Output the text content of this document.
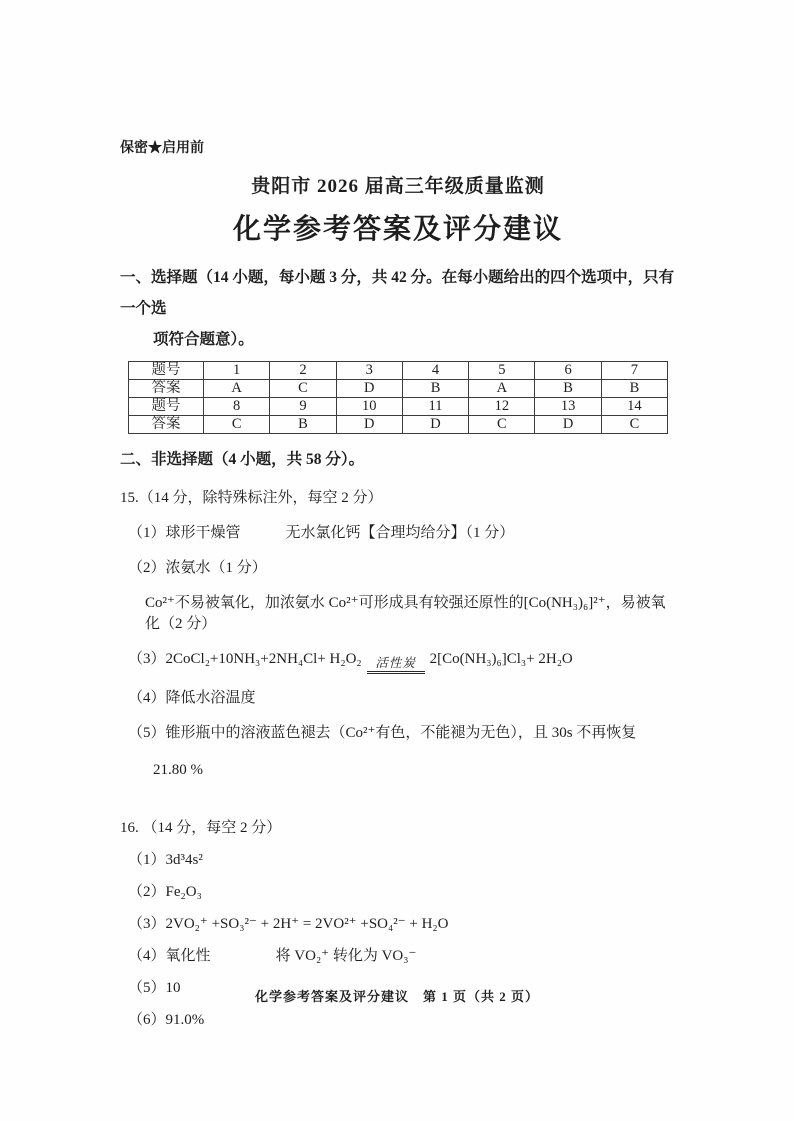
保密★启用前
贵阳市 2026 届高三年级质量监测
化学参考答案及评分建议
一、选择题（14 小题，每小题 3 分，共 42 分。在每小题给出的四个选项中，只有一个选
项符合题意）。
题号	1	2	3	4	5	6	7
答案	A	C	D	B	A	B	B
题号	8	9	10	11	12	13	14
答案	C	B	D	D	C	D	C
二、非选择题（4 小题，共 58 分）。
15.（14 分，除特殊标注外，每空 2 分）
（1）球形干燥管	无水氯化钙【合理均给分】（1 分）
（2）浓氨水（1 分）
Co²⁺不易被氧化，加浓氨水 Co²⁺可形成具有较强还原性的[Co(NH₃)₆]²⁺，易被氧化（2 分）
（3）2CoCl₂+10NH₃+2NH₄Cl+ H₂O₂ 活性炭 2[Co(NH₃)₆]Cl₃+ 2H₂O
（4）降低水浴温度
（5）锥形瓶中的溶液蓝色褪去（Co²⁺有色，不能褪为无色），且 30s 不再恢复
21.80 %
16. （14 分，每空 2 分）
（1）3d³4s²
（2）Fe₂O₃
（3）2VO₂⁺ +SO₃²⁻ + 2H⁺ = 2VO²⁺ +SO₄²⁻ + H₂O
（4）氧化性	将 VO₂⁺ 转化为 VO₃⁻
（5）10
（6）91.0%
化学参考答案及评分建议　第 1 页（共 2 页）
